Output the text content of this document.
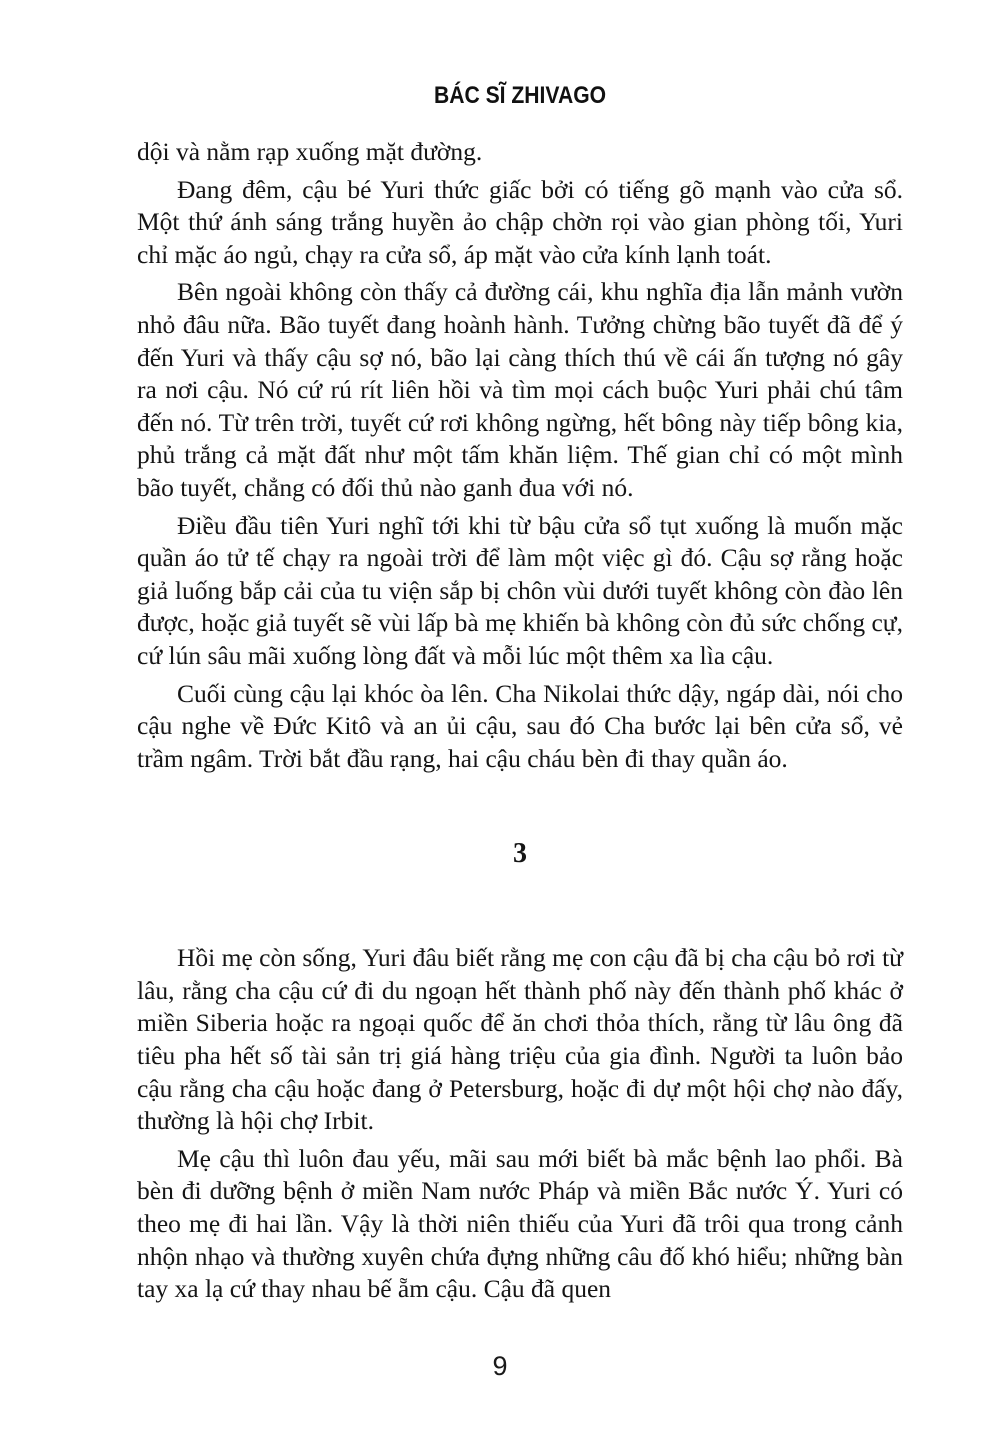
BÁC SĨ ZHIVAGO

dội và nằm rạp xuống mặt đường.

Đang đêm, cậu bé Yuri thức giấc bởi có tiếng gõ mạnh vào cửa sổ. Một thứ ánh sáng trắng huyền ảo chập chờn rọi vào gian phòng tối, Yuri chỉ mặc áo ngủ, chạy ra cửa sổ, áp mặt vào cửa kính lạnh toát.

Bên ngoài không còn thấy cả đường cái, khu nghĩa địa lẫn mảnh vườn nhỏ đâu nữa. Bão tuyết đang hoành hành. Tưởng chừng bão tuyết đã để ý đến Yuri và thấy cậu sợ nó, bão lại càng thích thú về cái ấn tượng nó gây ra nơi cậu. Nó cứ rú rít liên hồi và tìm mọi cách buộc Yuri phải chú tâm đến nó. Từ trên trời, tuyết cứ rơi không ngừng, hết bông này tiếp bông kia, phủ trắng cả mặt đất như một tấm khăn liệm. Thế gian chỉ có một mình bão tuyết, chẳng có đối thủ nào ganh đua với nó.

Điều đầu tiên Yuri nghĩ tới khi từ bậu cửa sổ tụt xuống là muốn mặc quần áo tử tế chạy ra ngoài trời để làm một việc gì đó. Cậu sợ rằng hoặc giả luống bắp cải của tu viện sắp bị chôn vùi dưới tuyết không còn đào lên được, hoặc giả tuyết sẽ vùi lấp bà mẹ khiến bà không còn đủ sức chống cự, cứ lún sâu mãi xuống lòng đất và mỗi lúc một thêm xa lìa cậu.

Cuối cùng cậu lại khóc òa lên. Cha Nikolai thức dậy, ngáp dài, nói cho cậu nghe về Đức Kitô và an ủi cậu, sau đó Cha bước lại bên cửa sổ, vẻ trầm ngâm. Trời bắt đầu rạng, hai cậu cháu bèn đi thay quần áo.

3

Hồi mẹ còn sống, Yuri đâu biết rằng mẹ con cậu đã bị cha cậu bỏ rơi từ lâu, rằng cha cậu cứ đi du ngoạn hết thành phố này đến thành phố khác ở miền Siberia hoặc ra ngoại quốc để ăn chơi thỏa thích, rằng từ lâu ông đã tiêu pha hết số tài sản trị giá hàng triệu của gia đình. Người ta luôn bảo cậu rằng cha cậu hoặc đang ở Petersburg, hoặc đi dự một hội chợ nào đấy, thường là hội chợ Irbit.

Mẹ cậu thì luôn đau yếu, mãi sau mới biết bà mắc bệnh lao phổi. Bà bèn đi dưỡng bệnh ở miền Nam nước Pháp và miền Bắc nước Ý. Yuri có theo mẹ đi hai lần. Vậy là thời niên thiếu của Yuri đã trôi qua trong cảnh nhộn nhạo và thường xuyên chứa đựng những câu đố khó hiểu; những bàn tay xa lạ cứ thay nhau bế ẵm cậu. Cậu đã quen

9
